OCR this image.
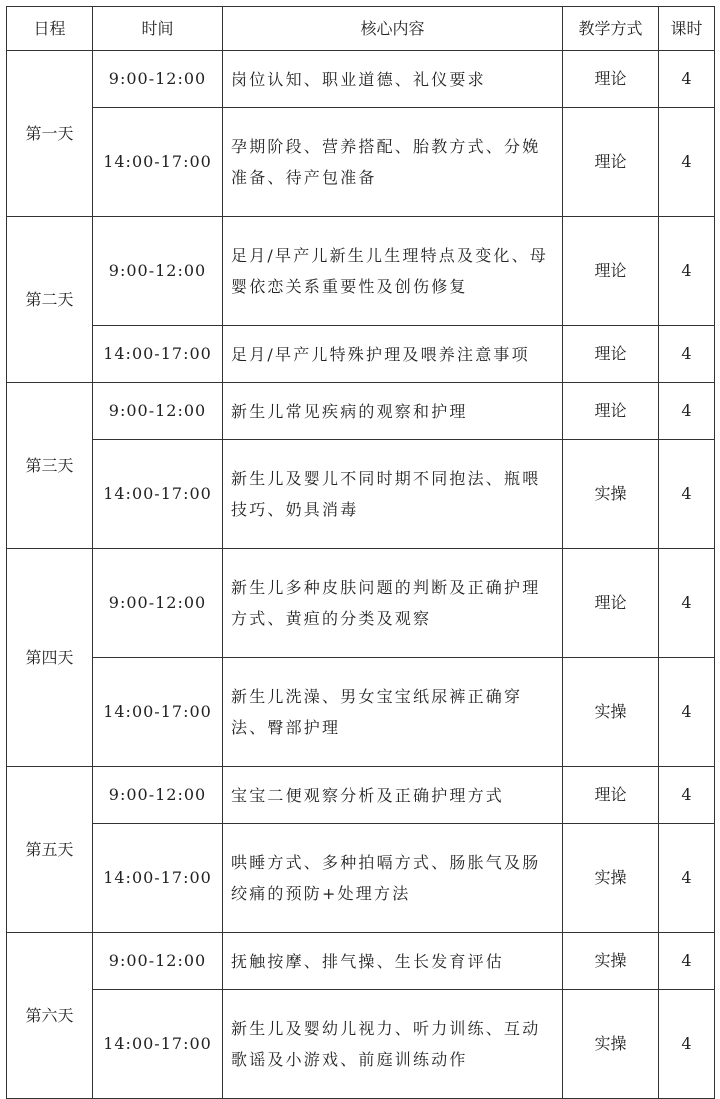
日程	时间	核心内容	教学方式	课时
第一天	9:00-12:00	岗位认知、职业道德、礼仪要求	理论	4
	14:00-17:00	孕期阶段、营养搭配、胎教方式、分娩准备、待产包准备	理论	4
第二天	9:00-12:00	足月/早产儿新生儿生理特点及变化、母婴依恋关系重要性及创伤修复	理论	4
	14:00-17:00	足月/早产儿特殊护理及喂养注意事项	理论	4
第三天	9:00-12:00	新生儿常见疾病的观察和护理	理论	4
	14:00-17:00	新生儿及婴儿不同时期不同抱法、瓶喂技巧、奶具消毒	实操	4
第四天	9:00-12:00	新生儿多种皮肤问题的判断及正确护理方式、黄疸的分类及观察	理论	4
	14:00-17:00	新生儿洗澡、男女宝宝纸尿裤正确穿法、臀部护理	实操	4
第五天	9:00-12:00	宝宝二便观察分析及正确护理方式	理论	4
	14:00-17:00	哄睡方式、多种拍嗝方式、肠胀气及肠绞痛的预防+处理方法	实操	4
第六天	9:00-12:00	抚触按摩、排气操、生长发育评估	实操	4
	14:00-17:00	新生儿及婴幼儿视力、听力训练、互动歌谣及小游戏、前庭训练动作	实操	4
